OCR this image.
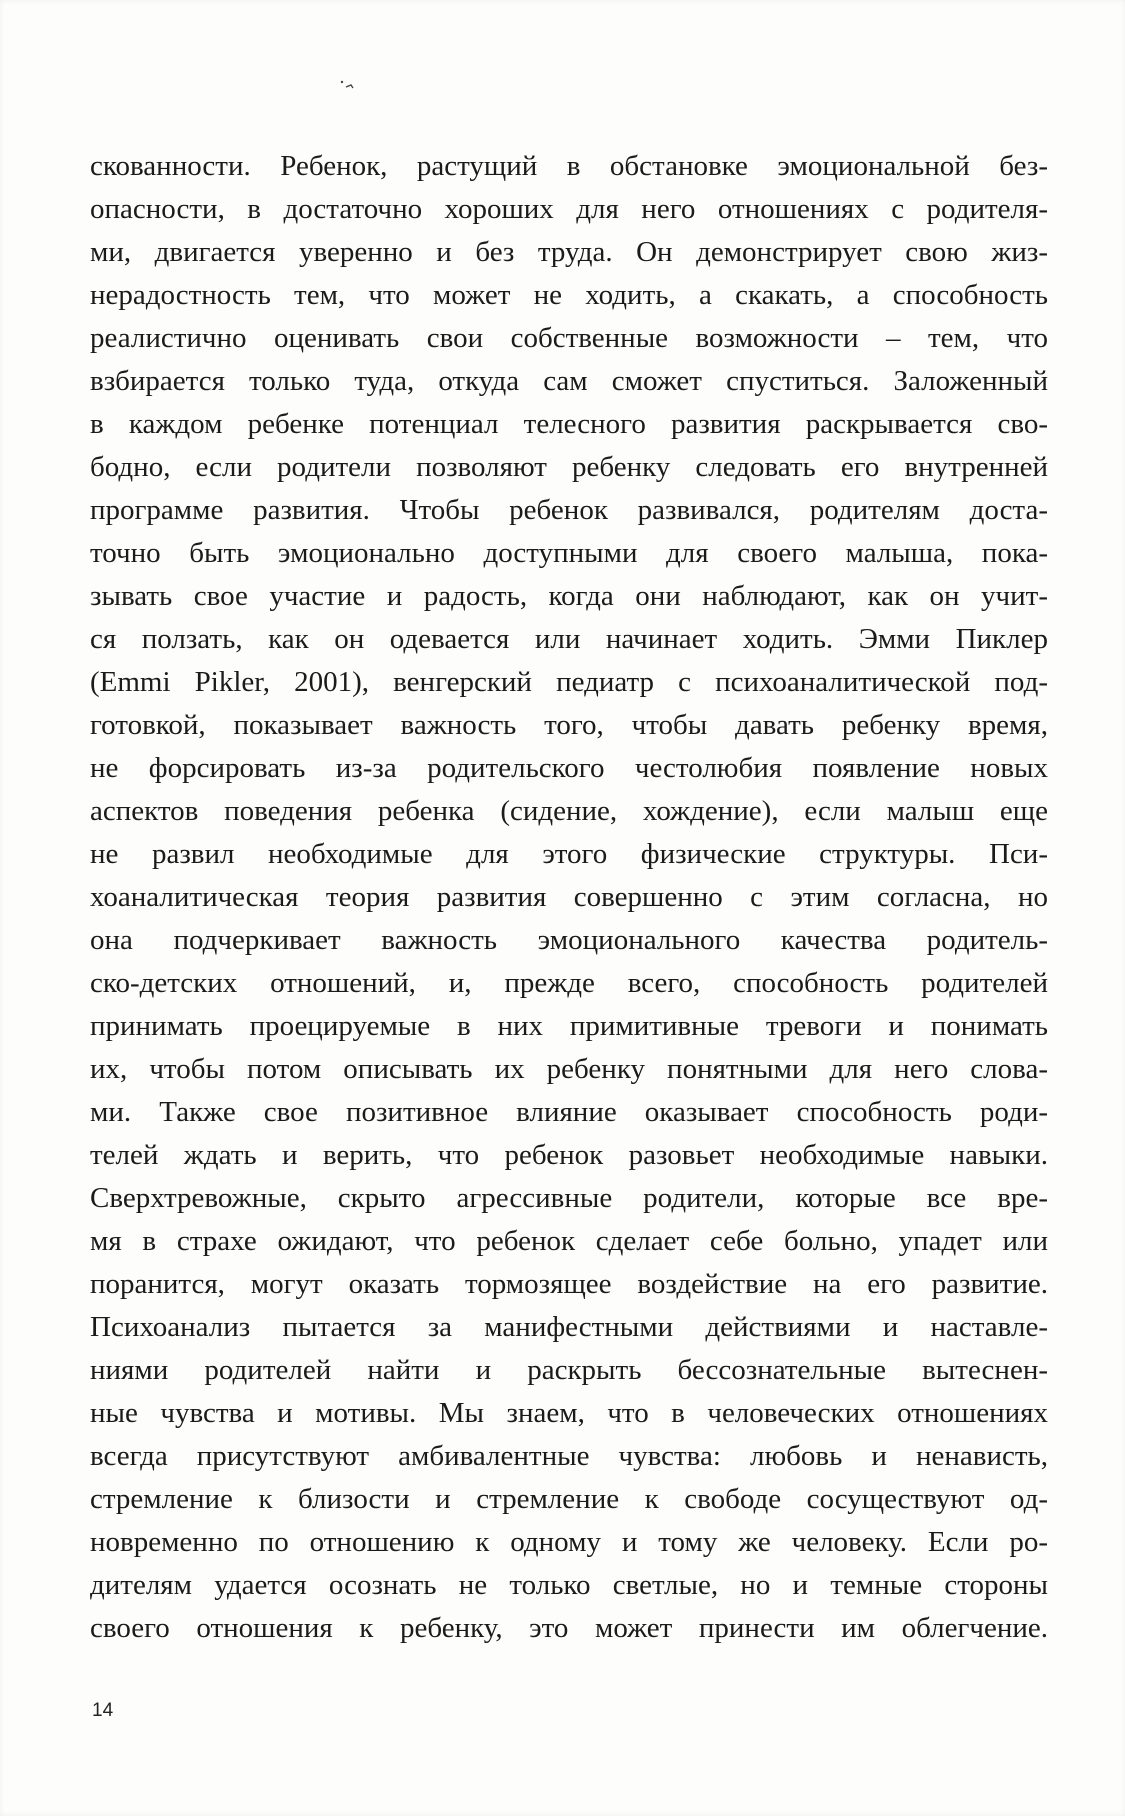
скованности. Ребенок, растущий в обстановке эмоциональной без-
опасности, в достаточно хороших для него отношениях с родителя-
ми, двигается уверенно и без труда. Он демонстрирует свою жиз-
нерадостность тем, что может не ходить, а скакать, а способность
реалистично оценивать свои собственные возможности – тем, что
взбирается только туда, откуда сам сможет спуститься. Заложенный
в каждом ребенке потенциал телесного развития раскрывается сво-
бодно, если родители позволяют ребенку следовать его внутренней
программе развития. Чтобы ребенок развивался, родителям доста-
точно быть эмоционально доступными для своего малыша, пока-
зывать свое участие и радость, когда они наблюдают, как он учит-
ся ползать, как он одевается или начинает ходить. Эмми Пиклер
(Emmi Pikler, 2001), венгерский педиатр с психоаналитической под-
готовкой, показывает важность того, чтобы давать ребенку время,
не форсировать из-за родительского честолюбия появление новых
аспектов поведения ребенка (сидение, хождение), если малыш еще
не развил необходимые для этого физические структуры. Пси-
хоаналитическая теория развития совершенно с этим согласна, но
она подчеркивает важность эмоционального качества родитель-
ско-детских отношений, и, прежде всего, способность родителей
принимать проецируемые в них примитивные тревоги и понимать
их, чтобы потом описывать их ребенку понятными для него слова-
ми. Также свое позитивное влияние оказывает способность роди-
телей ждать и верить, что ребенок разовьет необходимые навыки.
Сверхтревожные, скрыто агрессивные родители, которые все вре-
мя в страхе ожидают, что ребенок сделает себе больно, упадет или
поранится, могут оказать тормозящее воздействие на его развитие.
Психоанализ пытается за манифестными действиями и наставле-
ниями родителей найти и раскрыть бессознательные вытеснен-
ные чувства и мотивы. Мы знаем, что в человеческих отношениях
всегда присутствуют амбивалентные чувства: любовь и ненависть,
стремление к близости и стремление к свободе сосуществуют од-
новременно по отношению к одному и тому же человеку. Если ро-
дителям удается осознать не только светлые, но и темные стороны
своего отношения к ребенку, это может принести им облегчение.
14
